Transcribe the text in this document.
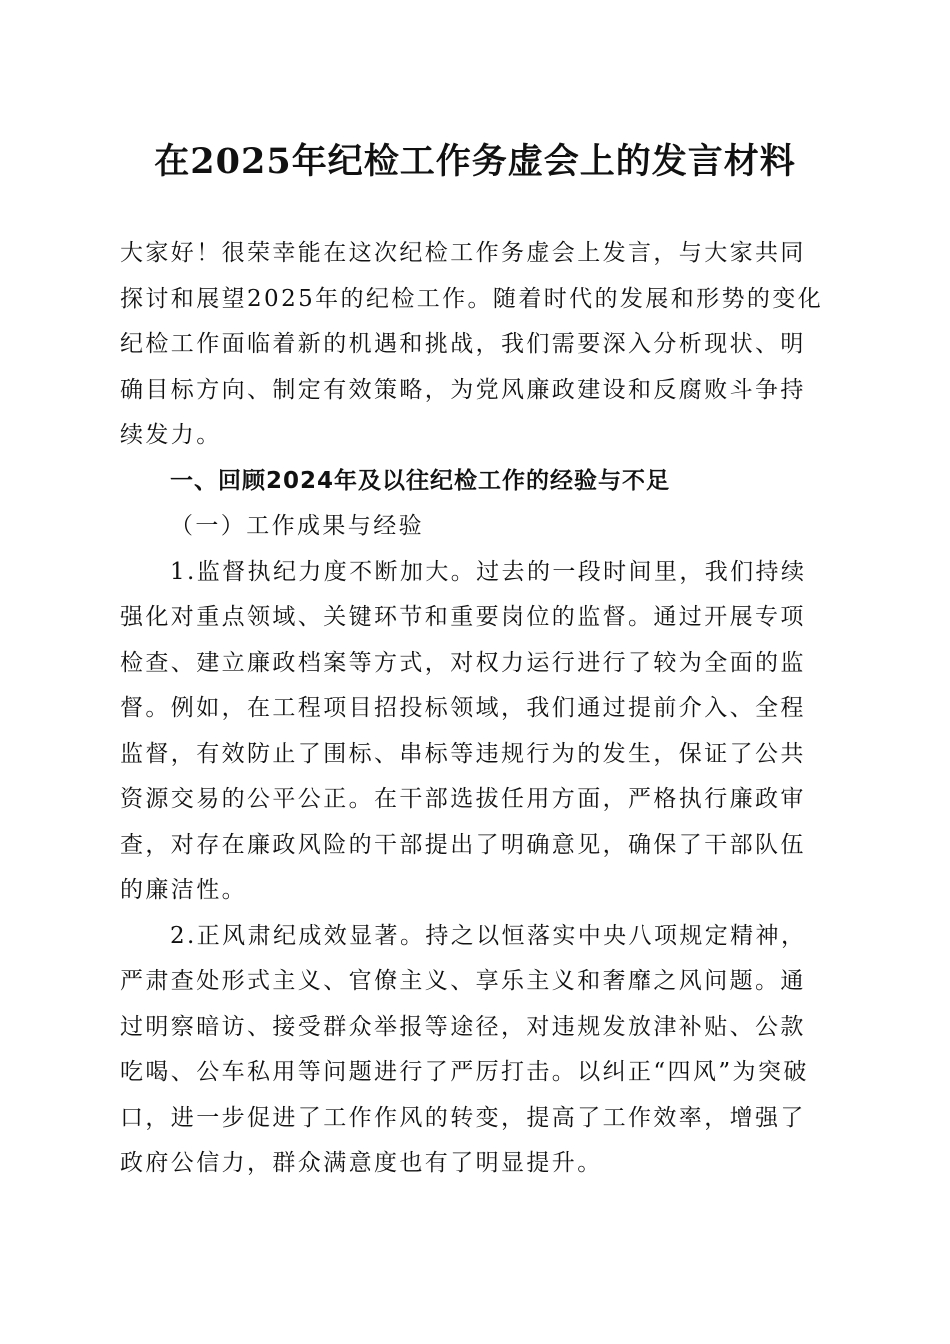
在2025年纪检工作务虚会上的发言材料

大家好！很荣幸能在这次纪检工作务虚会上发言，与大家共同探讨和展望2025年的纪检工作。随着时代的发展和形势的变化纪检工作面临着新的机遇和挑战，我们需要深入分析现状、明确目标方向、制定有效策略，为党风廉政建设和反腐败斗争持续发力。

一、回顾2024年及以往纪检工作的经验与不足

（一）工作成果与经验

1.监督执纪力度不断加大。过去的一段时间里，我们持续强化对重点领域、关键环节和重要岗位的监督。通过开展专项检查、建立廉政档案等方式，对权力运行进行了较为全面的监督。例如，在工程项目招投标领域，我们通过提前介入、全程监督，有效防止了围标、串标等违规行为的发生，保证了公共资源交易的公平公正。在干部选拔任用方面，严格执行廉政审查，对存在廉政风险的干部提出了明确意见，确保了干部队伍的廉洁性。

2.正风肃纪成效显著。持之以恒落实中央八项规定精神，严肃查处形式主义、官僚主义、享乐主义和奢靡之风问题。通过明察暗访、接受群众举报等途径，对违规发放津补贴、公款吃喝、公车私用等问题进行了严厉打击。以纠正“四风”为突破口，进一步促进了工作作风的转变，提高了工作效率，增强了政府公信力，群众满意度也有了明显提升。
